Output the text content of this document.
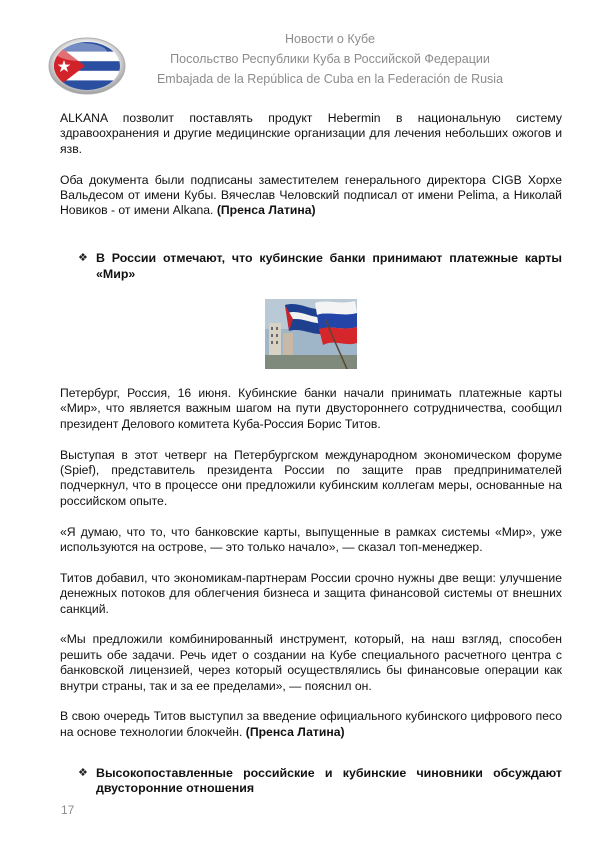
Новости о Кубе
Посольство Республики Куба в Российской Федерации
Embajada de la República de Cuba en la Federación de Rusia

ALKANA позволит поставлять продукт Hebermin в национальную систему здравоохранения и другие медицинские организации для лечения небольших ожогов и язв.

Оба документа были подписаны заместителем генерального директора CIGB Хорхе Вальдесом от имени Кубы. Вячеслав Человский подписал от имени Pelima, а Николай Новиков - от имени Alkana. (Пренса Латина)

❖ В России отмечают, что кубинские банки принимают платежные карты «Мир»

Петербург, Россия, 16 июня. Кубинские банки начали принимать платежные карты «Мир», что является важным шагом на пути двустороннего сотрудничества, сообщил президент Делового комитета Куба-Россия Борис Титов.

Выступая в этот четверг на Петербургском международном экономическом форуме (Spief), представитель президента России по защите прав предпринимателей подчеркнул, что в процессе они предложили кубинским коллегам меры, основанные на российском опыте.

«Я думаю, что то, что банковские карты, выпущенные в рамках системы «Мир», уже используются на острове, — это только начало», — сказал топ-менеджер.

Титов добавил, что экономикам-партнерам России срочно нужны две вещи: улучшение денежных потоков для облегчения бизнеса и защита финансовой системы от внешних санкций.

«Мы предложили комбинированный инструмент, который, на наш взгляд, способен решить обе задачи. Речь идет о создании на Кубе специального расчетного центра с банковской лицензией, через который осуществлялись бы финансовые операции как внутри страны, так и за ее пределами», — пояснил он.

В свою очередь Титов выступил за введение официального кубинского цифрового песо на основе технологии блокчейн. (Пренса Латина)

❖ Высокопоставленные российские и кубинские чиновники обсуждают двусторонние отношения
17
